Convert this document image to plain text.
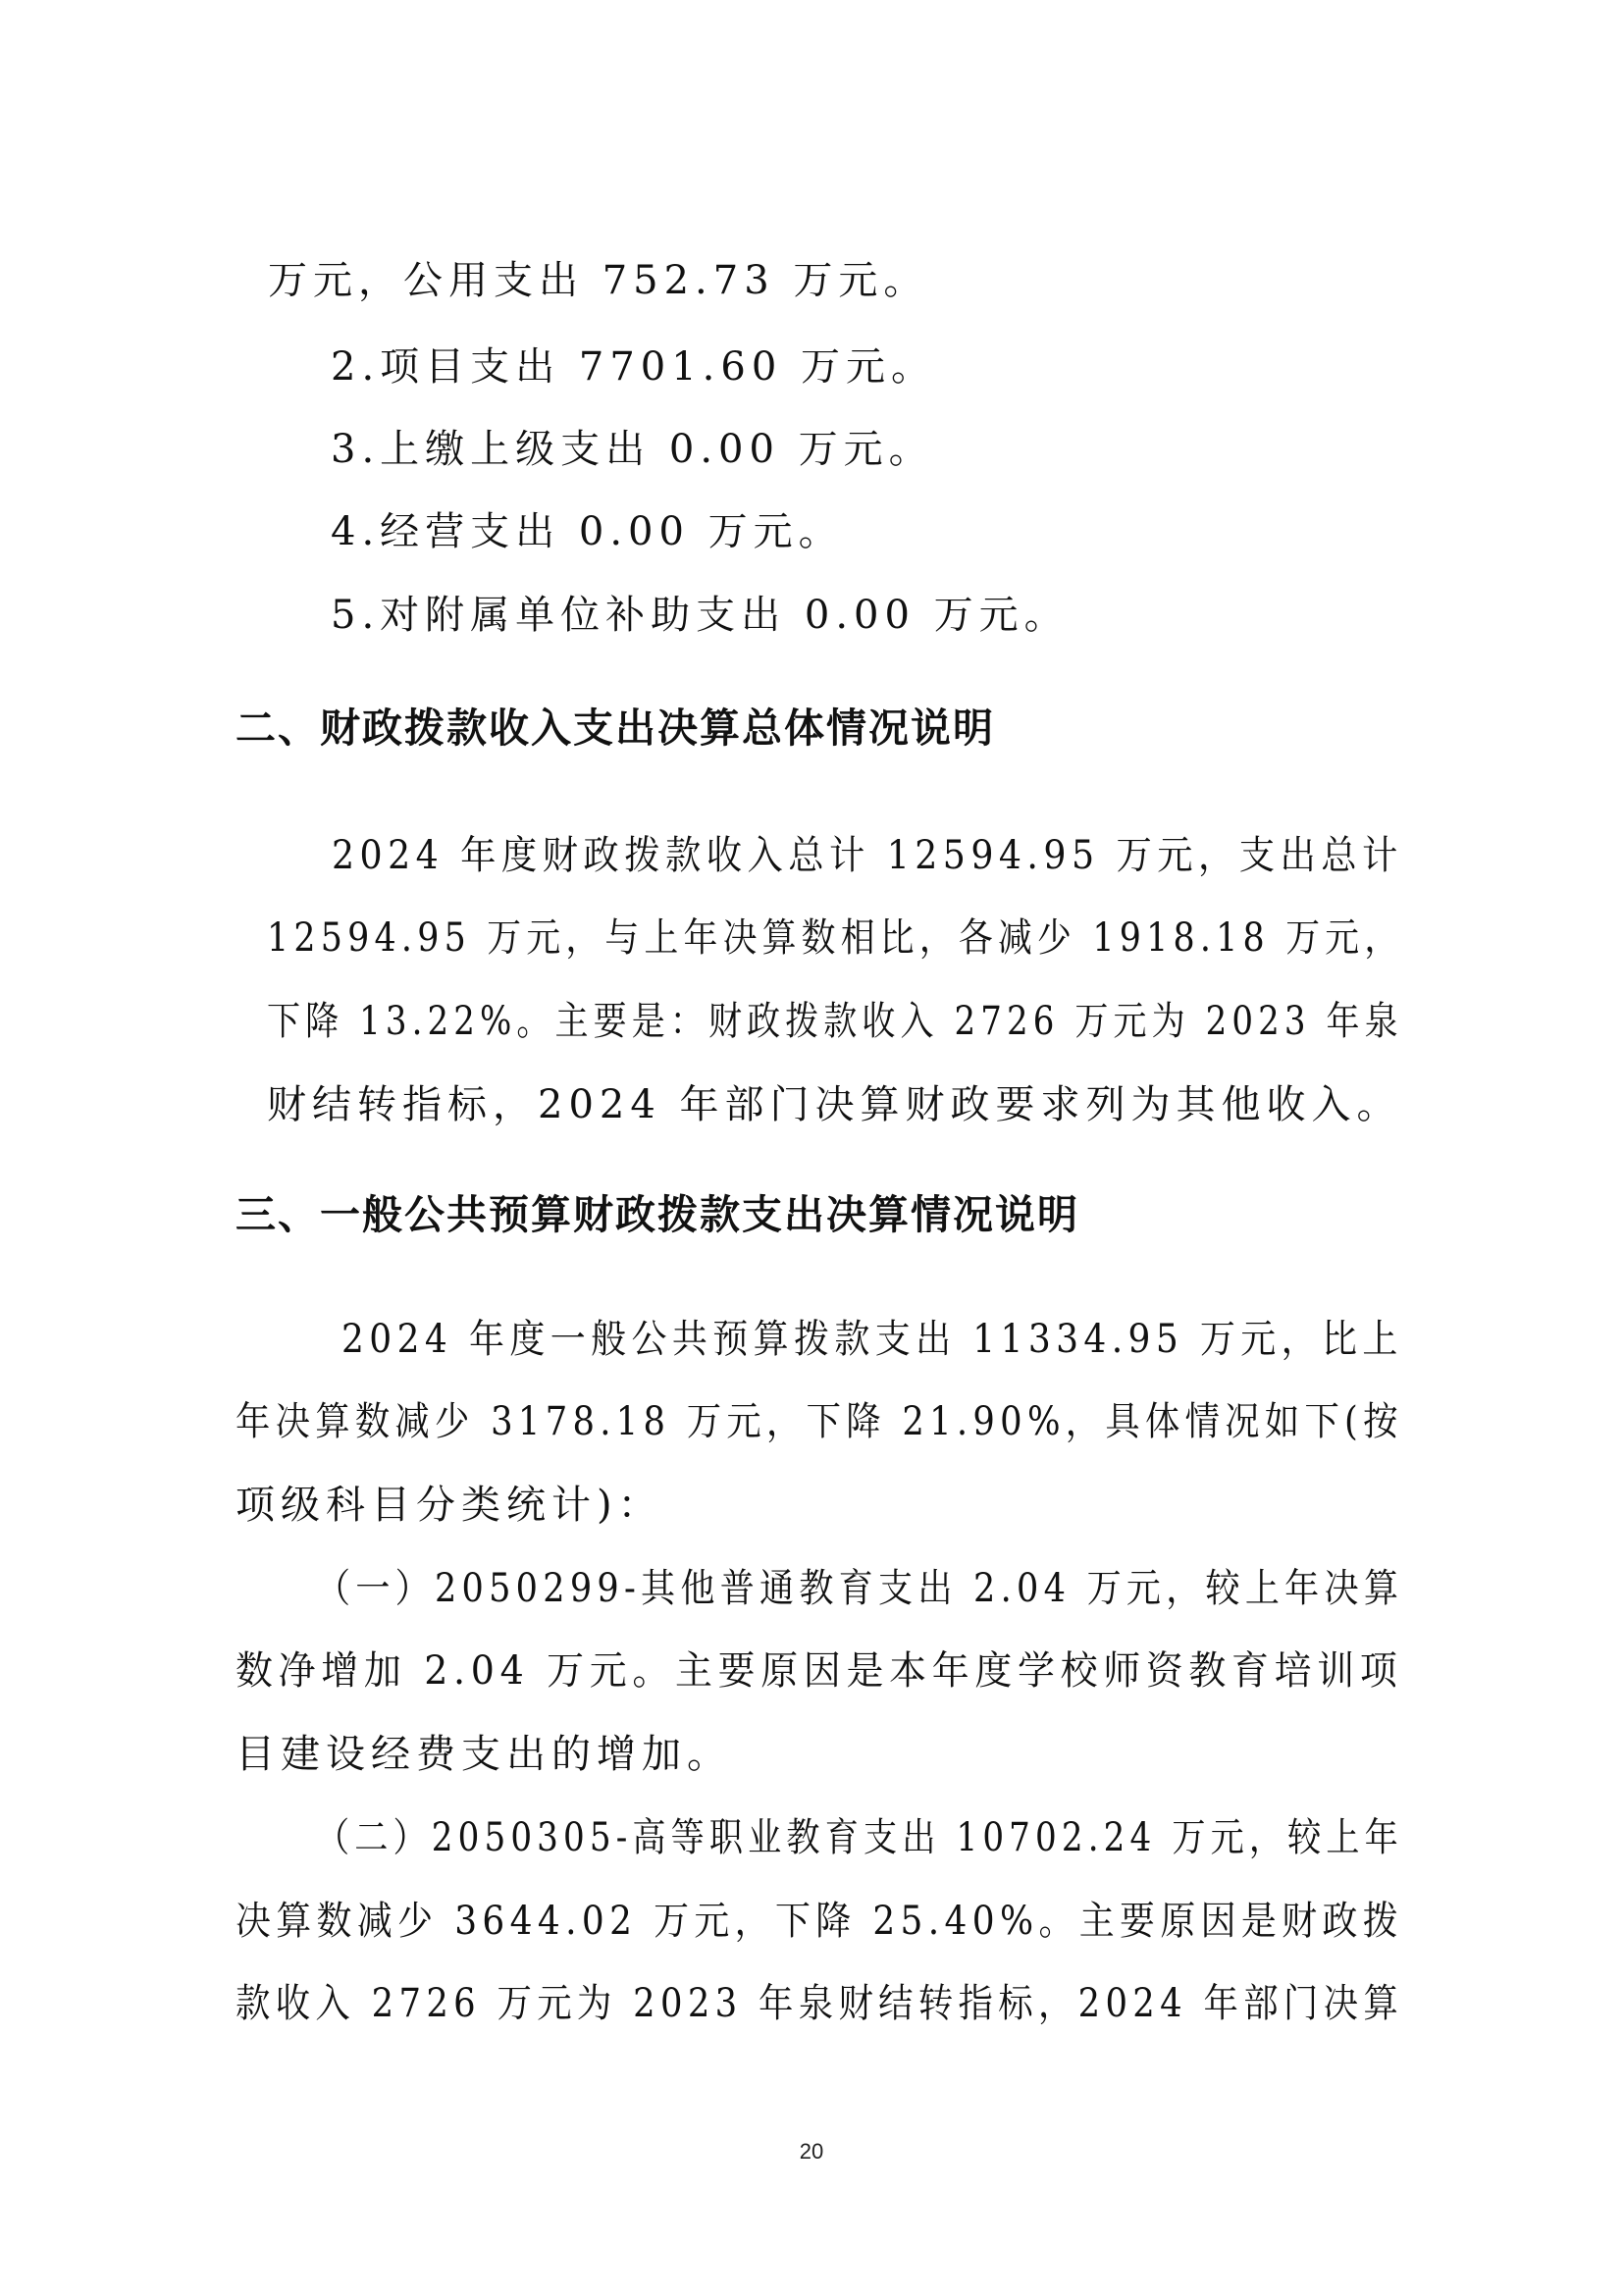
万元，公用支出 752.73 万元。
2.项目支出 7701.60 万元。
3.上缴上级支出 0.00 万元。
4.经营支出 0.00 万元。
5.对附属单位补助支出 0.00 万元。
二、财政拨款收入支出决算总体情况说明
2024 年度财政拨款收入总计 12594.95 万元，支出总计
12594.95 万元，与上年决算数相比，各减少 1918.18 万元，
下降 13.22%。主要是：财政拨款收入 2726 万元为 2023 年泉
财结转指标，2024 年部门决算财政要求列为其他收入。
三、一般公共预算财政拨款支出决算情况说明
2024 年度一般公共预算拨款支出 11334.95 万元，比上
年决算数减少 3178.18 万元，下降 21.90%，具体情况如下(按
项级科目分类统计)：
（一）2050299-其他普通教育支出 2.04 万元，较上年决算
数净增加 2.04 万元。主要原因是本年度学校师资教育培训项
目建设经费支出的增加。
（二）2050305-高等职业教育支出 10702.24 万元，较上年
决算数减少 3644.02 万元，下降 25.40%。主要原因是财政拨
款收入 2726 万元为 2023 年泉财结转指标，2024 年部门决算
20
